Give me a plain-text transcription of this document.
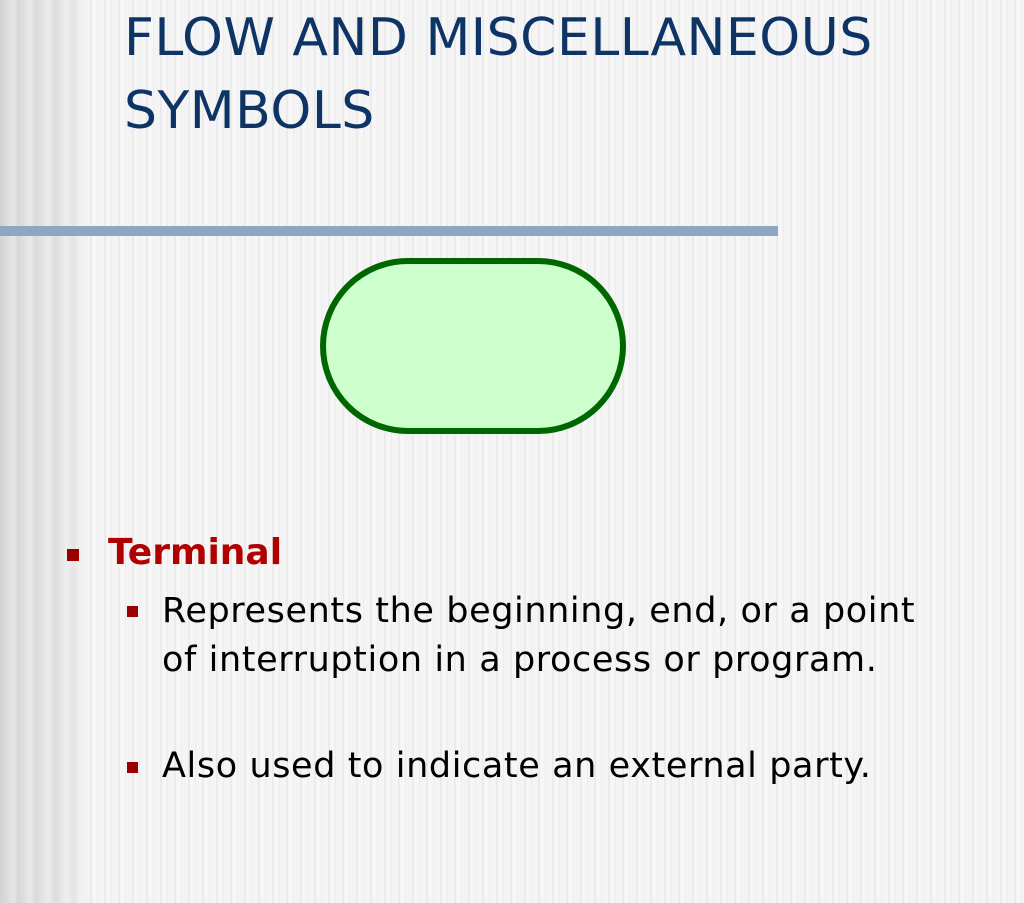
FLOW AND MISCELLANEOUS SYMBOLS
Terminal
Represents the beginning, end, or a point of interruption in a process or program.
Also used to indicate an external party.
